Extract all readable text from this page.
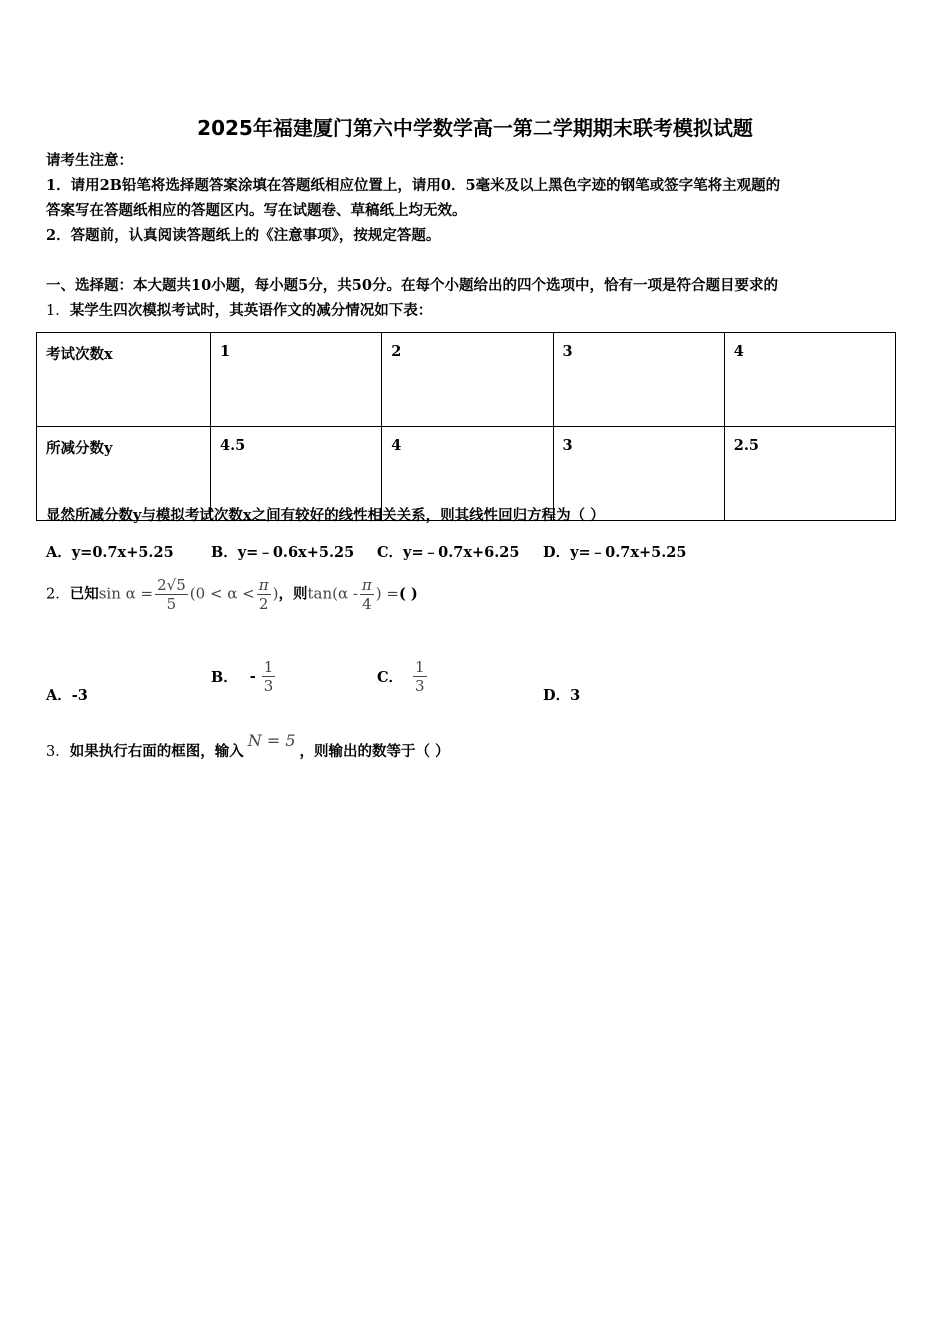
2025年福建厦门第六中学数学高一第二学期期末联考模拟试题
请考生注意：
1．请用2B铅笔将选择题答案涂填在答题纸相应位置上，请用0．5毫米及以上黑色字迹的钢笔或签字笔将主观题的
答案写在答题纸相应的答题区内。写在试题卷、草稿纸上均无效。
2．答题前，认真阅读答题纸上的《注意事项》，按规定答题。
一、选择题：本大题共10小题，每小题5分，共50分。在每个小题给出的四个选项中，恰有一项是符合题目要求的
1．某学生四次模拟考试时，其英语作文的减分情况如下表：
考试次数x	1	2	3	4
所减分数y	4.5	4	3	2.5
显然所减分数y与模拟考试次数x之间有较好的线性相关关系，则其线性回归方程为（ ）
A．y=0.7x+5.25	B．y=﹣0.6x+5.25 C．y=﹣0.7x+6.25 D．y=﹣0.7x+5.25
2．已知$\sin \alpha = \frac{2√5}{5} (0 < \alpha < \frac{\pi}{2}$ )，则$\tan(\alpha - \frac{\pi}{4}$ ) =( )
A．-3
B． - $\frac{1}{3}$	C． $\frac{1}{3}$
D．3
3．如果执行右面的框图，输入N = 5，则输出的数等于（ ）
